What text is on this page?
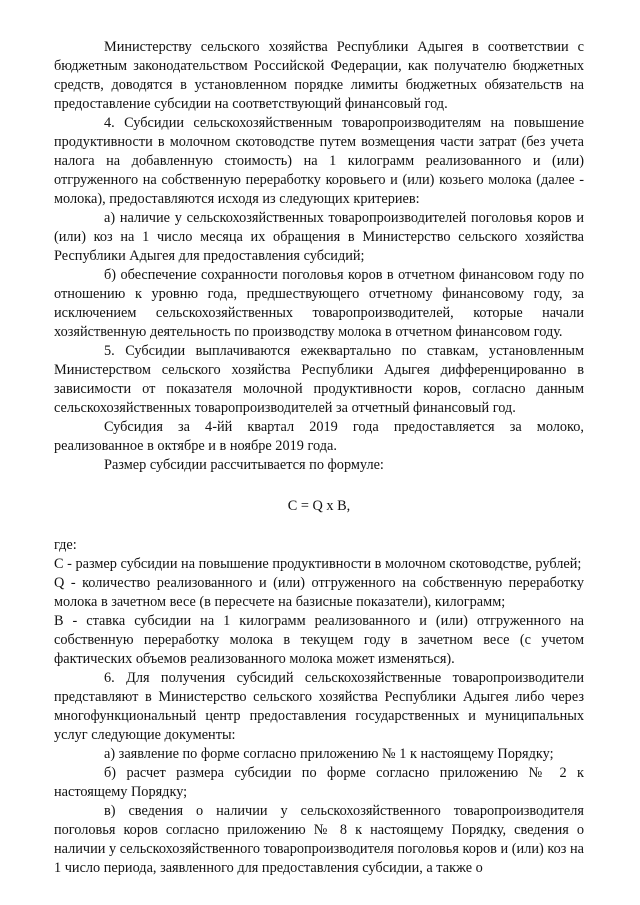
Министерству сельского хозяйства Республики Адыгея в соответствии с бюджетным законодательством Российской Федерации, как получателю бюджетных средств, доводятся в установленном порядке лимиты бюджетных обязательств на предоставление субсидии на соответствующий финансовый год.

4. Субсидии сельскохозяйственным товаропроизводителям на повышение продуктивности в молочном скотоводстве путем возмещения части затрат (без учета налога на добавленную стоимость) на 1 килограмм реализованного и (или) отгруженного на собственную переработку коровьего и (или) козьего молока (далее - молока), предоставляются исходя из следующих критериев:

а) наличие у сельскохозяйственных товаропроизводителей поголовья коров и (или) коз на 1 число месяца их обращения в Министерство сельского хозяйства Республики Адыгея для предоставления субсидий;

б) обеспечение сохранности поголовья коров в отчетном финансовом году по отношению к уровню года, предшествующего отчетному финансовому году, за исключением сельскохозяйственных товаропроизводителей, которые начали хозяйственную деятельность по производству молока в отчетном финансовом году.

5. Субсидии выплачиваются ежеквартально по ставкам, установленным Министерством сельского хозяйства Республики Адыгея дифференцированно в зависимости от показателя молочной продуктивности коров, согласно данным сельскохозяйственных товаропроизводителей за отчетный финансовый год.

Субсидия за 4-йй квартал 2019 года предоставляется за молоко, реализованное в октябре и в ноябре 2019 года.

Размер субсидии рассчитывается по формуле:

С = Q x В,

где:

С - размер субсидии на повышение продуктивности в молочном скотоводстве, рублей;

Q - количество реализованного и (или) отгруженного на собственную переработку молока в зачетном весе (в пересчете на базисные показатели), килограмм;

В - ставка субсидии на 1 килограмм реализованного и (или) отгруженного на собственную переработку молока в текущем году в зачетном весе (с учетом фактических объемов реализованного молока может изменяться).

6. Для получения субсидий сельскохозяйственные товаропроизводители представляют в Министерство сельского хозяйства Республики Адыгея либо через многофункциональный центр предоставления государственных и муниципальных услуг следующие документы:

а) заявление по форме согласно приложению № 1 к настоящему Порядку;

б) расчет размера субсидии по форме согласно приложению № 2 к настоящему Порядку;

в) сведения о наличии у сельскохозяйственного товаропроизводителя поголовья коров согласно приложению № 8 к настоящему Порядку, сведения о наличии у сельскохозяйственного товаропроизводителя поголовья коров и (или) коз на 1 число периода, заявленного для предоставления субсидии, а также о
